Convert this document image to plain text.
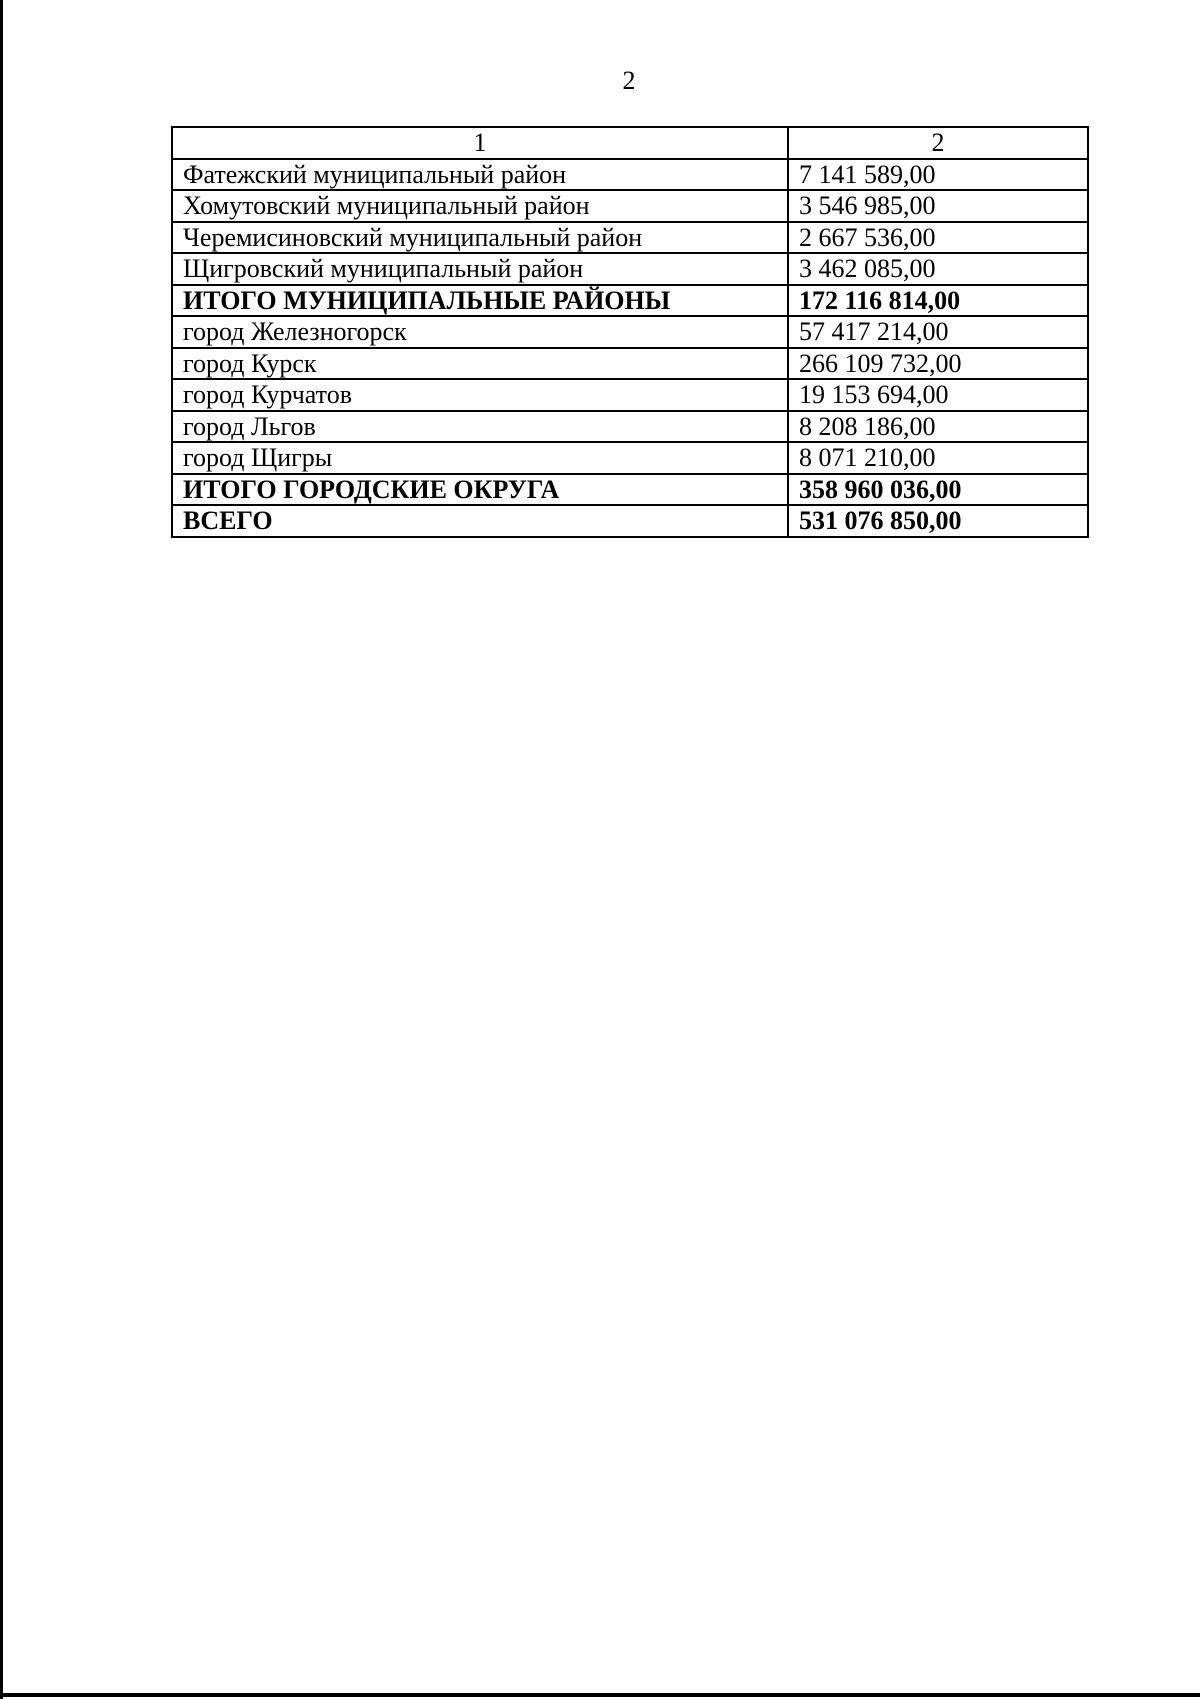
2
1	2
Фатежский муниципальный район	7 141 589,00
Хомутовский муниципальный район	3 546 985,00
Черемисиновский муниципальный район	2 667 536,00
Щигровский муниципальный район	3 462 085,00
ИТОГО МУНИЦИПАЛЬНЫЕ РАЙОНЫ	172 116 814,00
город Железногорск	57 417 214,00
город Курск	266 109 732,00
город Курчатов	19 153 694,00
город Льгов	8 208 186,00
город Щигры	8 071 210,00
ИТОГО ГОРОДСКИЕ ОКРУГА	358 960 036,00
ВСЕГО	531 076 850,00
